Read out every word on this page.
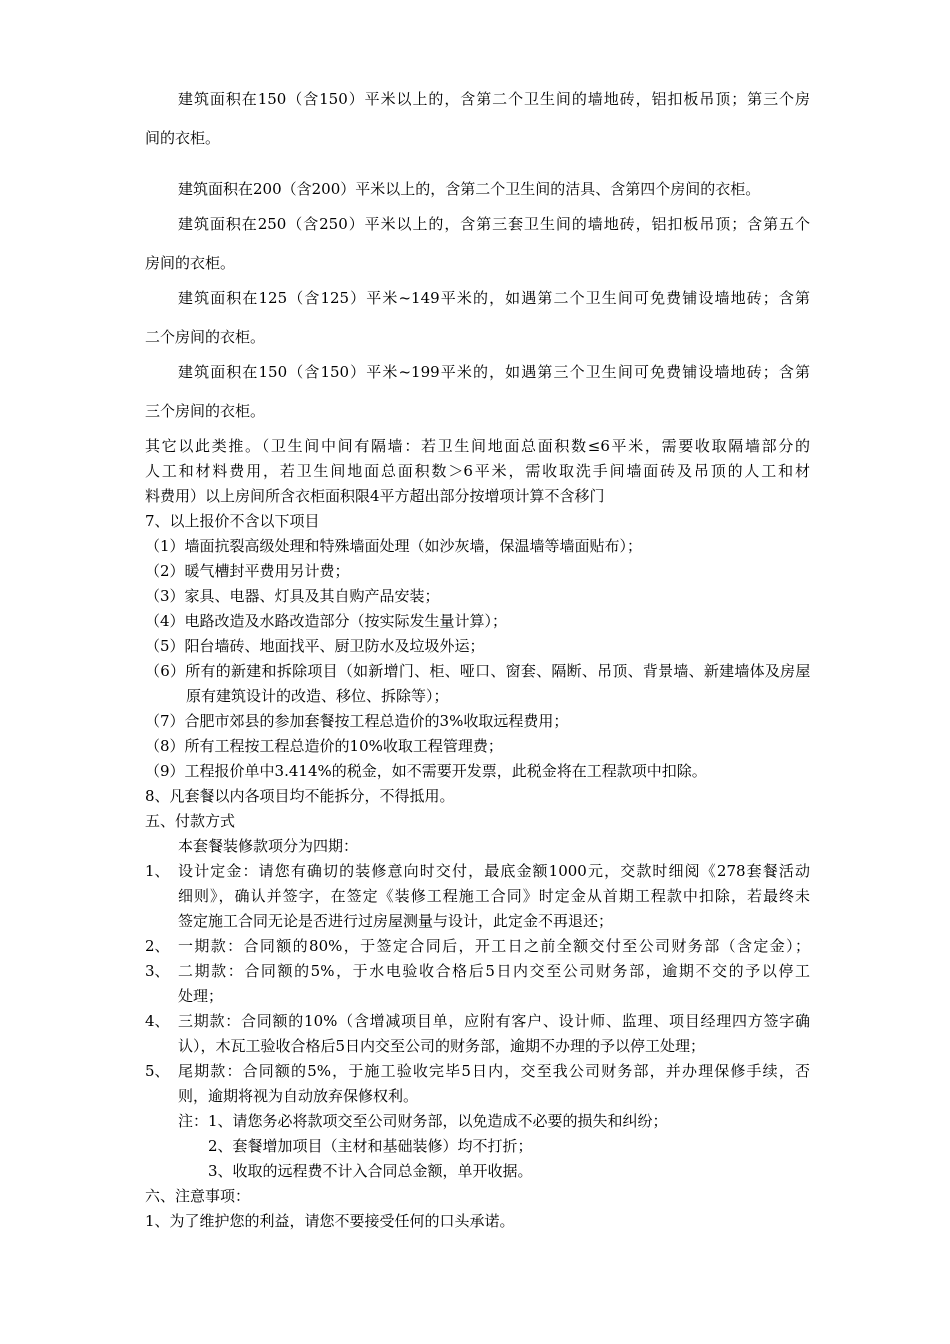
建筑面积在150（含150）平米以上的，含第二个卫生间的墙地砖，铝扣板吊顶；第三个房
间的衣柜。
建筑面积在200（含200）平米以上的，含第二个卫生间的洁具、含第四个房间的衣柜。
建筑面积在250（含250）平米以上的，含第三套卫生间的墙地砖，铝扣板吊顶；含第五个
房间的衣柜。
建筑面积在125（含125）平米~149平米的，如遇第二个卫生间可免费铺设墙地砖；含第
二个房间的衣柜。
建筑面积在150（含150）平米~199平米的，如遇第三个卫生间可免费铺设墙地砖；含第
三个房间的衣柜。
其它以此类推。（卫生间中间有隔墙：若卫生间地面总面积数≤6平米，需要收取隔墙部分的
人工和材料费用，若卫生间地面总面积数＞6平米，需收取洗手间墙面砖及吊顶的人工和材
料费用）以上房间所含衣柜面积限4平方超出部分按增项计算不含移门
7、以上报价不含以下项目
（1）墙面抗裂高级处理和特殊墙面处理（如沙灰墙，保温墙等墙面贴布）；
（2）暖气槽封平费用另计费；
（3）家具、电器、灯具及其自购产品安装；
（4）电路改造及水路改造部分（按实际发生量计算）；
（5）阳台墙砖、地面找平、厨卫防水及垃圾外运；
（6）所有的新建和拆除项目（如新增门、柜、哑口、窗套、隔断、吊顶、背景墙、新建墙体及房屋
原有建筑设计的改造、移位、拆除等）；
（7）合肥市郊县的参加套餐按工程总造价的3%收取远程费用；
（8）所有工程按工程总造价的10%收取工程管理费；
（9）工程报价单中3.414%的税金，如不需要开发票，此税金将在工程款项中扣除。
8、凡套餐以内各项目均不能拆分，不得抵用。
五、付款方式
本套餐装修款项分为四期：
1、 设计定金：请您有确切的装修意向时交付，最底金额1000元，交款时细阅《278套餐活动
细则》，确认并签字，在签定《装修工程施工合同》时定金从首期工程款中扣除，若最终未
签定施工合同无论是否进行过房屋测量与设计，此定金不再退还；
2、 一期款：合同额的80%，于签定合同后，开工日之前全额交付至公司财务部（含定金）；
3、 二期款：合同额的5%，于水电验收合格后5日内交至公司财务部，逾期不交的予以停工
处理；
4、 三期款：合同额的10%（含增减项目单，应附有客户、设计师、监理、项目经理四方签字确
认），木瓦工验收合格后5日内交至公司的财务部，逾期不办理的予以停工处理；
5、 尾期款：合同额的5%，于施工验收完毕5日内，交至我公司财务部，并办理保修手续，否
则，逾期将视为自动放弃保修权利。
注：1、请您务必将款项交至公司财务部，以免造成不必要的损失和纠纷；
2、套餐增加项目（主材和基础装修）均不打折；
3、收取的远程费不计入合同总金额，单开收据。
六、注意事项：
1、为了维护您的利益，请您不要接受任何的口头承诺。
